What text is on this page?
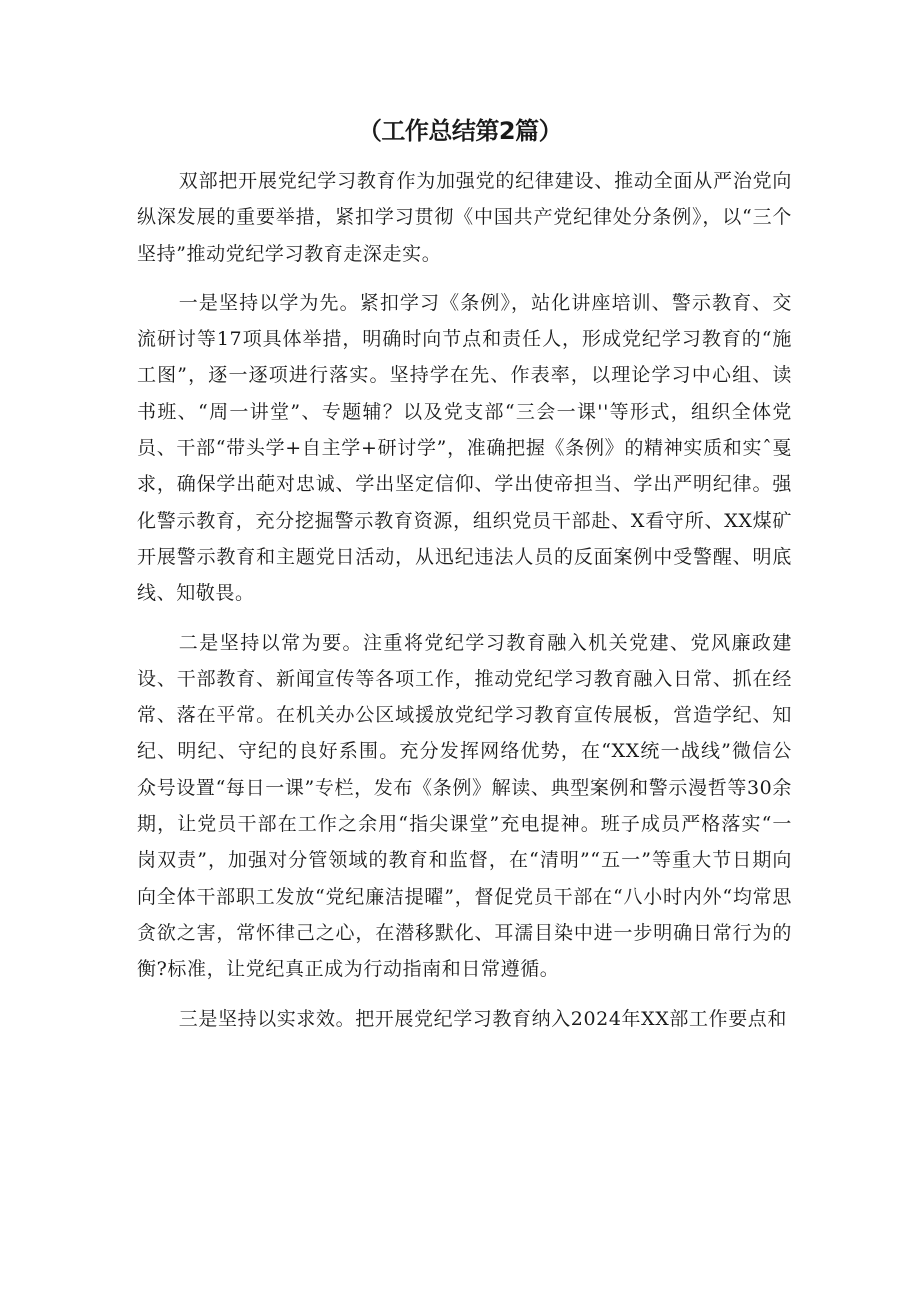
（工作总结第2篇）

双部把开展党纪学习教育作为加强党的纪律建设、推动全面从严治党向纵深发展的重要举措，紧扣学习贯彻《中国共产党纪律处分条例》，以“三个坚持”推动党纪学习教育走深走实。

一是坚持以学为先。紧扣学习《条例》，站化讲座培训、警示教育、交流研讨等17项具体举措，明确时向节点和责任人，形成党纪学习教育的“施工图”，逐一逐项进行落实。坚持学在先、作表率，以理论学习中心组、读书班、“周一讲堂”、专题辅？以及党支部“三会一课''等形式，组织全体党员、干部“带头学+自主学+研讨学”，准确把握《条例》的精神实质和实ˆ戛求，确保学出葩对忠诚、学出坚定信仰、学出使帝担当、学出严明纪律。强化警示教育，充分挖掘警示教育资源，组织党员干部赴、X看守所、XX煤矿开展警示教育和主题党日活动，从迅纪违法人员的反面案例中受警醒、明底线、知敬畏。

二是坚持以常为要。注重将党纪学习教育融入机关党建、党风廉政建设、干部教育、新闻宣传等各项工作，推动党纪学习教育融入日常、抓在经常、落在平常。在机关办公区域援放党纪学习教育宣传展板，営造学纪、知纪、明纪、守纪的良好系围。充分发挥网络优势，在“XX统一战线”微信公众号设置“每日一课”专栏，发布《条例》解读、典型案例和警示漫哲等30余期，让党员干部在工作之余用“指尖课堂”充电提神。班子成员严格落实“一岗双责”，加强对分管领域的教育和监督，在“清明”“五一”等重大节日期向向全体干部职工发放“党纪廉洁提曜”，督促党员干部在“八小时内外“均常思贪欲之害，常怀律己之心，在潜移默化、耳濡目染中进一步明确日常行为的衡?标准，让党纪真正成为行动指南和日常遵循。

三是坚持以实求效。把开展党纪学习教育纳入2024年XX部工作要点和
